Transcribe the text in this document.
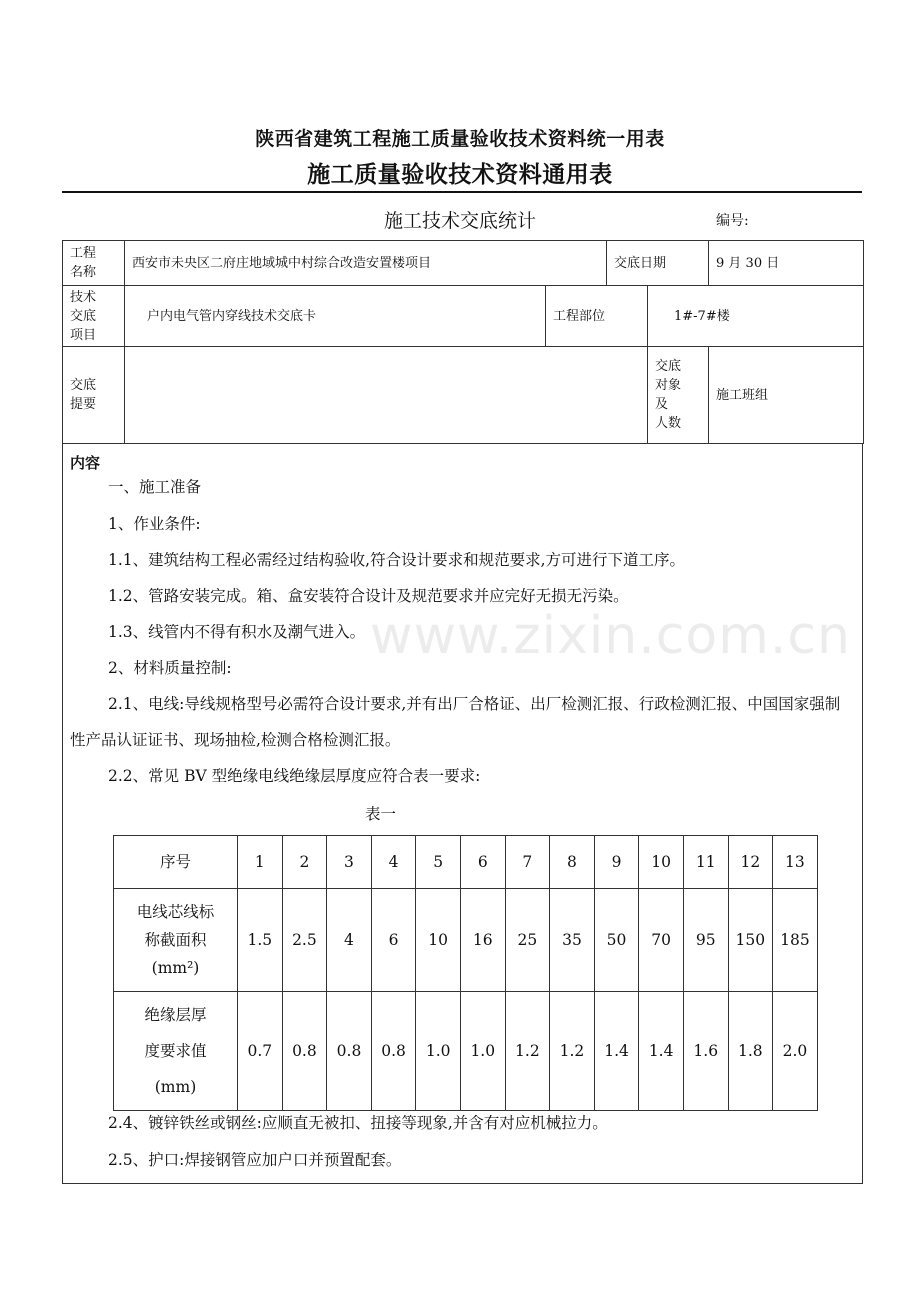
陕西省建筑工程施工质量验收技术资料统一用表
施工质量验收技术资料通用表
施工技术交底统计	编号:
工程
名称	西安市未央区二府庄地域城中村综合改造安置楼项目		交底日期		9 月 30 日
技术
交底
项目	户内电气管内穿线技术交底卡	工程部位		1#-7#楼	
交底
提要				交底
对象
及
人数	施工班组
内容
一、施工准备
1、作业条件:
1.1、建筑结构工程必需经过结构验收,符合设计要求和规范要求,方可进行下道工序。
1.2、管路安装完成。箱、盒安装符合设计及规范要求并应完好无损无污染。
1.3、线管内不得有积水及潮气进入。
2、材料质量控制:
2.1、电线:导线规格型号必需符合设计要求,并有出厂合格证、出厂检测汇报、行政检测汇报、中国国家强制性产品认证证书、现场抽检,检测合格检测汇报。
2.2、常见 BV 型绝缘电线绝缘层厚度应符合表一要求:
表一
序号	1	2	3	4	5	6	7	8	9	10	11	12	13
电线芯线标
称截面积
(mm²)	1.5	2.5	4	6	10	16	25	35	50	70	95	150	185
绝缘层厚
度要求值
(mm)	0.7	0.8	0.8	0.8	1.0	1.0	1.2	1.2	1.4	1.4	1.6	1.8	2.0
2.4、镀锌铁丝或钢丝:应顺直无被扣、扭接等现象,并含有对应机械拉力。
2.5、护口:焊接钢管应加户口并预置配套。
www.zixin.com.cn
